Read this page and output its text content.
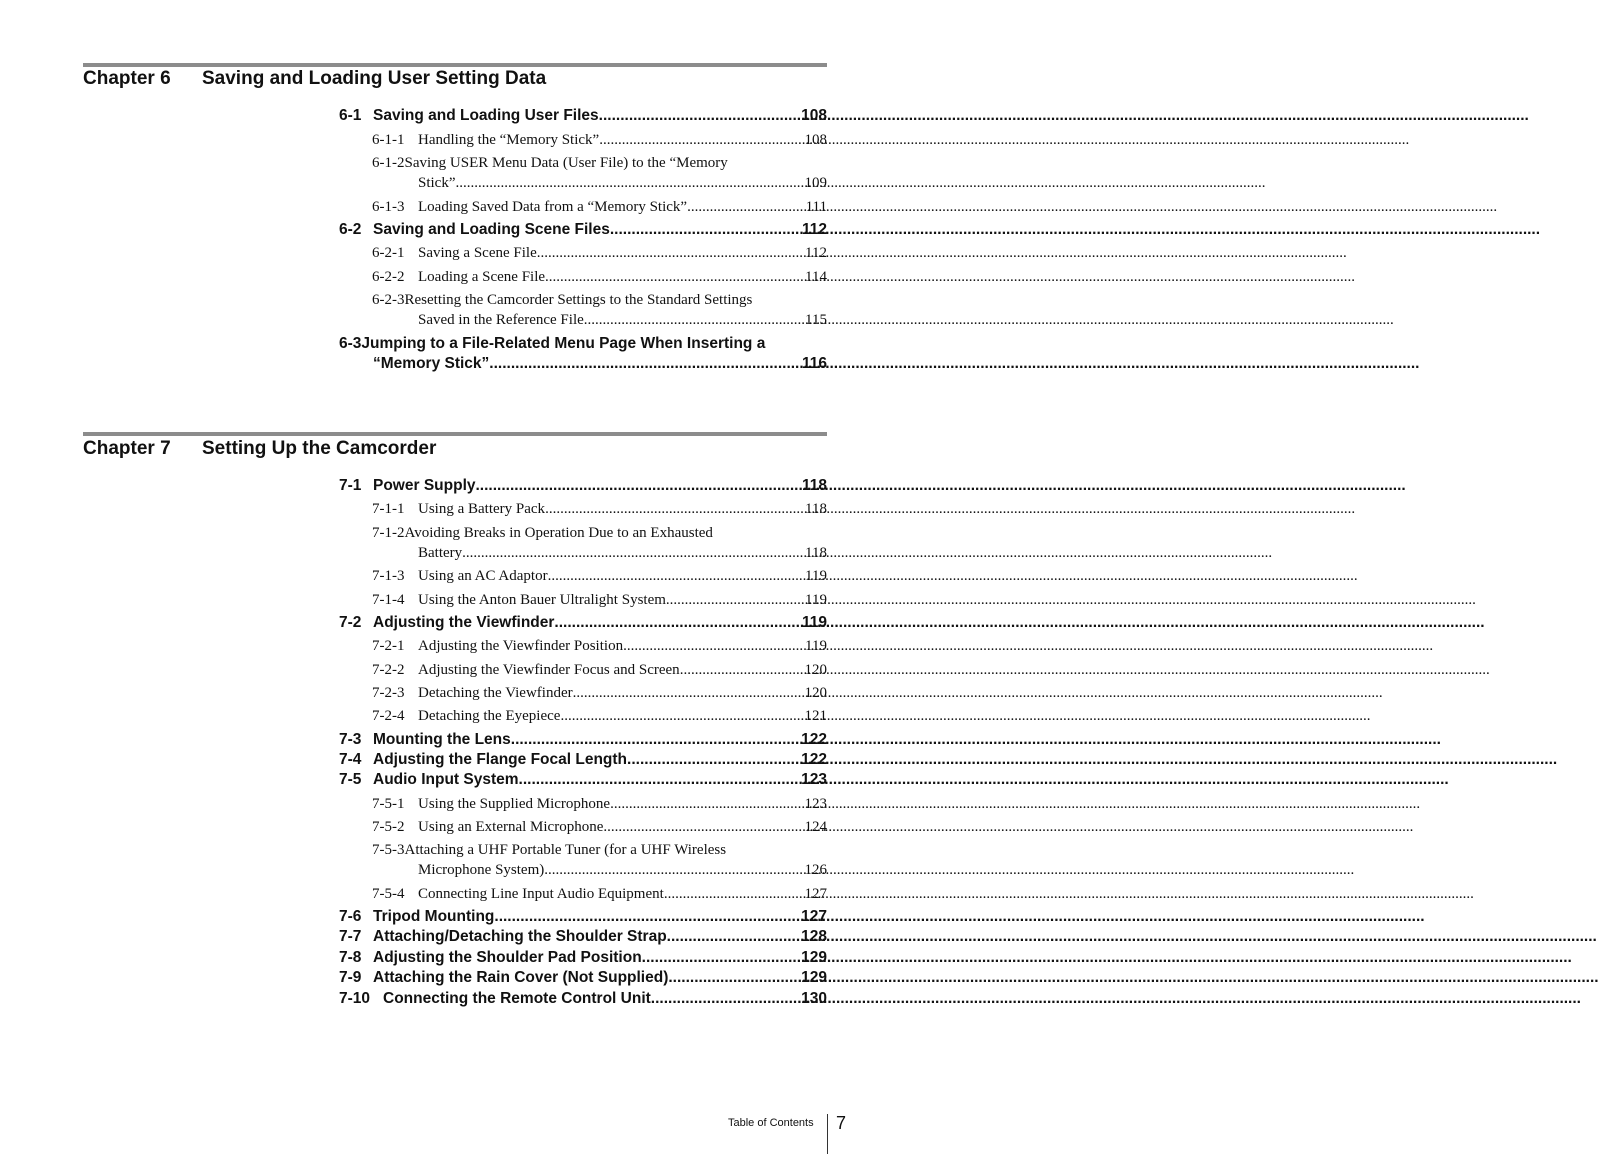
Chapter 6 Saving and Loading User Setting Data
6-1 Saving and Loading User Files .....	108
6-1-1 Handling the “Memory Stick” .....	108
6-1-2Saving USER Menu Data (User File) to the “Memory
Stick” .....	109
6-1-3 Loading Saved Data from a “Memory Stick” .....	111
6-2 Saving and Loading Scene Files .....	112
6-2-1 Saving a Scene File .....	112
6-2-2 Loading a Scene File .....	114
6-2-3Resetting the Camcorder Settings to the Standard Settings
Saved in the Reference File .....	115
6-3Jumping to a File-Related Menu Page When Inserting a
“Memory Stick” .....	116
Chapter 7 Setting Up the Camcorder
7-1 Power Supply .....	118
7-1-1 Using a Battery Pack .....	118
7-1-2Avoiding Breaks in Operation Due to an Exhausted
Battery .....	118
7-1-3 Using an AC Adaptor .....	119
7-1-4 Using the Anton Bauer Ultralight System .....	119
7-2 Adjusting the Viewfinder .....	119
7-2-1 Adjusting the Viewfinder Position .....	119
7-2-2 Adjusting the Viewfinder Focus and Screen .....	120
7-2-3 Detaching the Viewfinder .....	120
7-2-4 Detaching the Eyepiece .....	121
7-3 Mounting the Lens .....	122
7-4 Adjusting the Flange Focal Length .....	122
7-5 Audio Input System .....	123
7-5-1 Using the Supplied Microphone .....	123
7-5-2 Using an External Microphone .....	124
7-5-3Attaching a UHF Portable Tuner (for a UHF Wireless
Microphone System) .....	126
7-5-4 Connecting Line Input Audio Equipment .....	127
7-6 Tripod Mounting .....	127
7-7 Attaching/Detaching the Shoulder Strap .....	128
7-8 Adjusting the Shoulder Pad Position .....	129
7-9 Attaching the Rain Cover (Not Supplied) .....	129
7-10 Connecting the Remote Control Unit .....	130
Table of Contents 7
